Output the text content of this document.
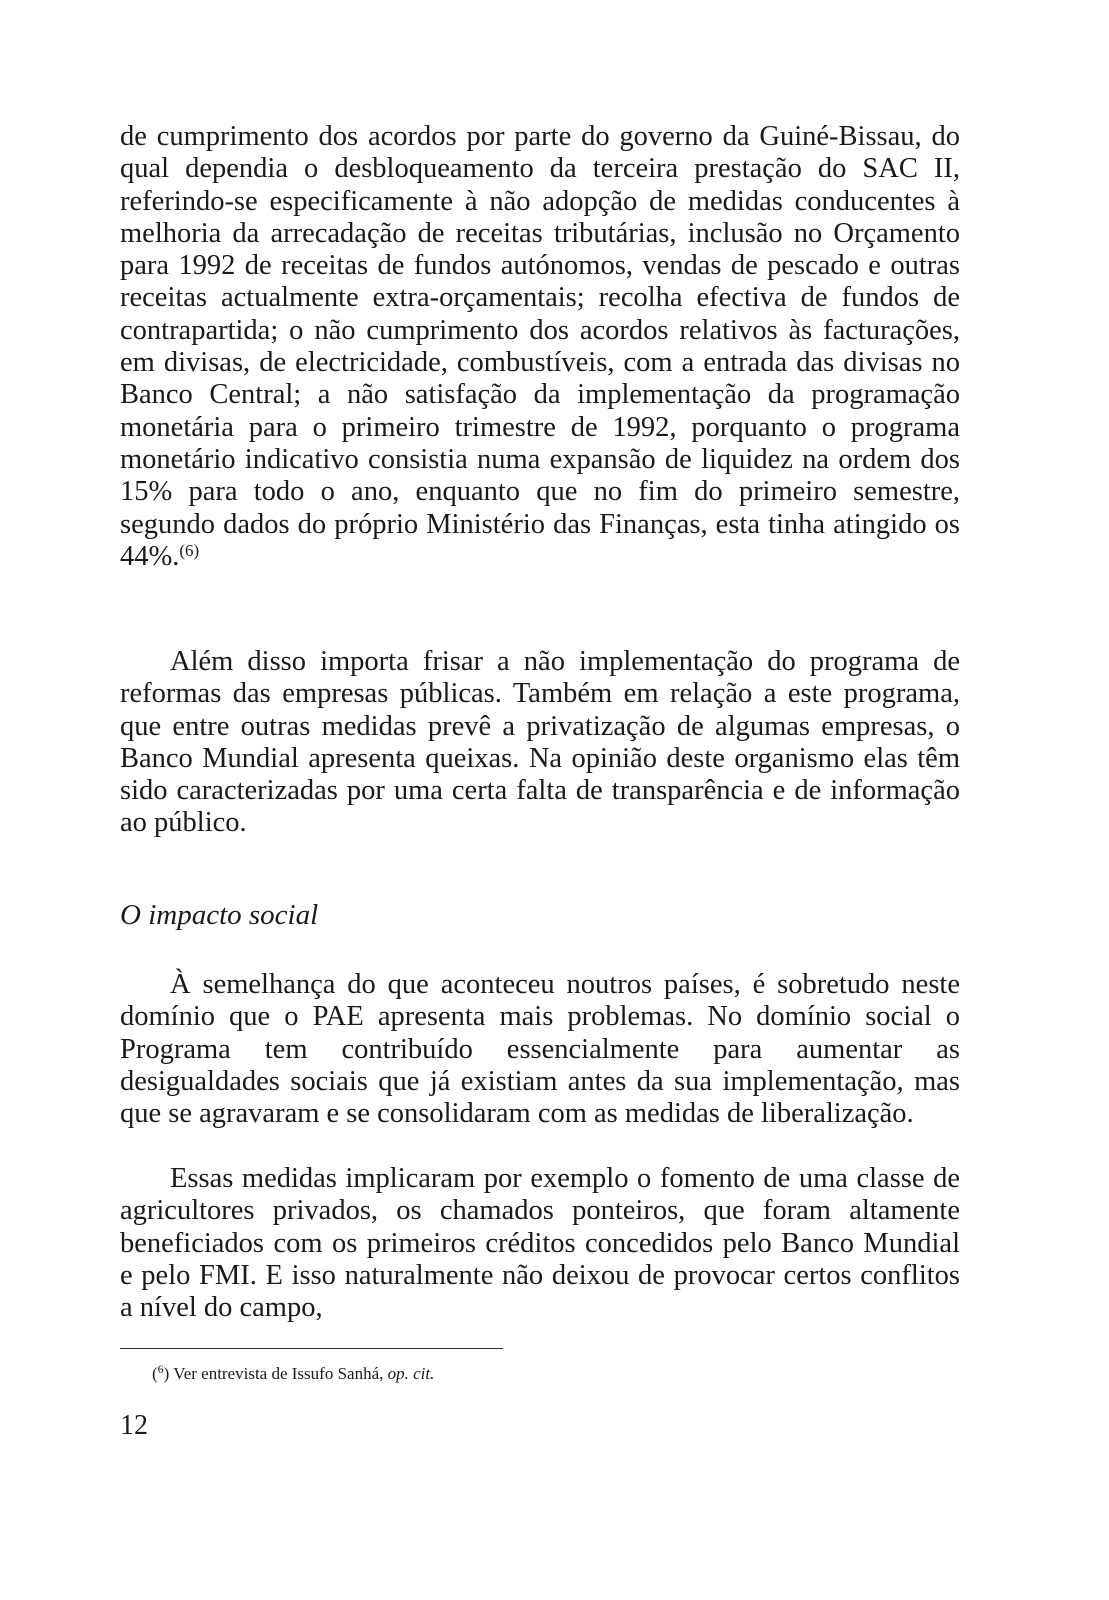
de cumprimento dos acordos por parte do governo da Guiné-Bissau, do qual dependia o desbloqueamento da terceira prestação do SAC II, referindo-se especificamente à não adopção de medidas conducentes à melhoria da arrecadação de receitas tributárias, inclusão no Orçamento para 1992 de receitas de fundos autónomos, vendas de pescado e outras receitas actualmente extra-orçamentais; recolha efectiva de fundos de contrapartida; o não cumprimento dos acordos relativos às facturações, em divisas, de electricidade, combustíveis, com a entrada das divisas no Banco Central; a não satisfação da implementação da programação monetária para o primeiro trimestre de 1992, porquanto o programa monetário indicativo consistia numa expansão de liquidez na ordem dos 15% para todo o ano, enquanto que no fim do primeiro semestre, segundo dados do próprio Ministério das Finanças, esta tinha atingido os 44%.$^{(6)}$

Além disso importa frisar a não implementação do programa de reformas das empresas públicas. Também em relação a este programa, que entre outras medidas prevê a privatização de algumas empresas, o Banco Mundial apresenta queixas. Na opinião deste organismo elas têm sido caracterizadas por uma certa falta de transparência e de informação ao público.

O impacto social

À semelhança do que aconteceu noutros países, é sobretudo neste domínio que o PAE apresenta mais problemas. No domínio social o Programa tem contribuído essencialmente para aumentar as desigualdades sociais que já existiam antes da sua implementação, mas que se agravaram e se consolidaram com as medidas de liberalização.

Essas medidas implicaram por exemplo o fomento de uma classe de agricultores privados, os chamados ponteiros, que foram altamente beneficiados com os primeiros créditos concedidos pelo Banco Mundial e pelo FMI. E isso naturalmente não deixou de provocar certos conflitos a nível do campo,

($^6$) Ver entrevista de Issufo Sanhá, op. cit.

12
